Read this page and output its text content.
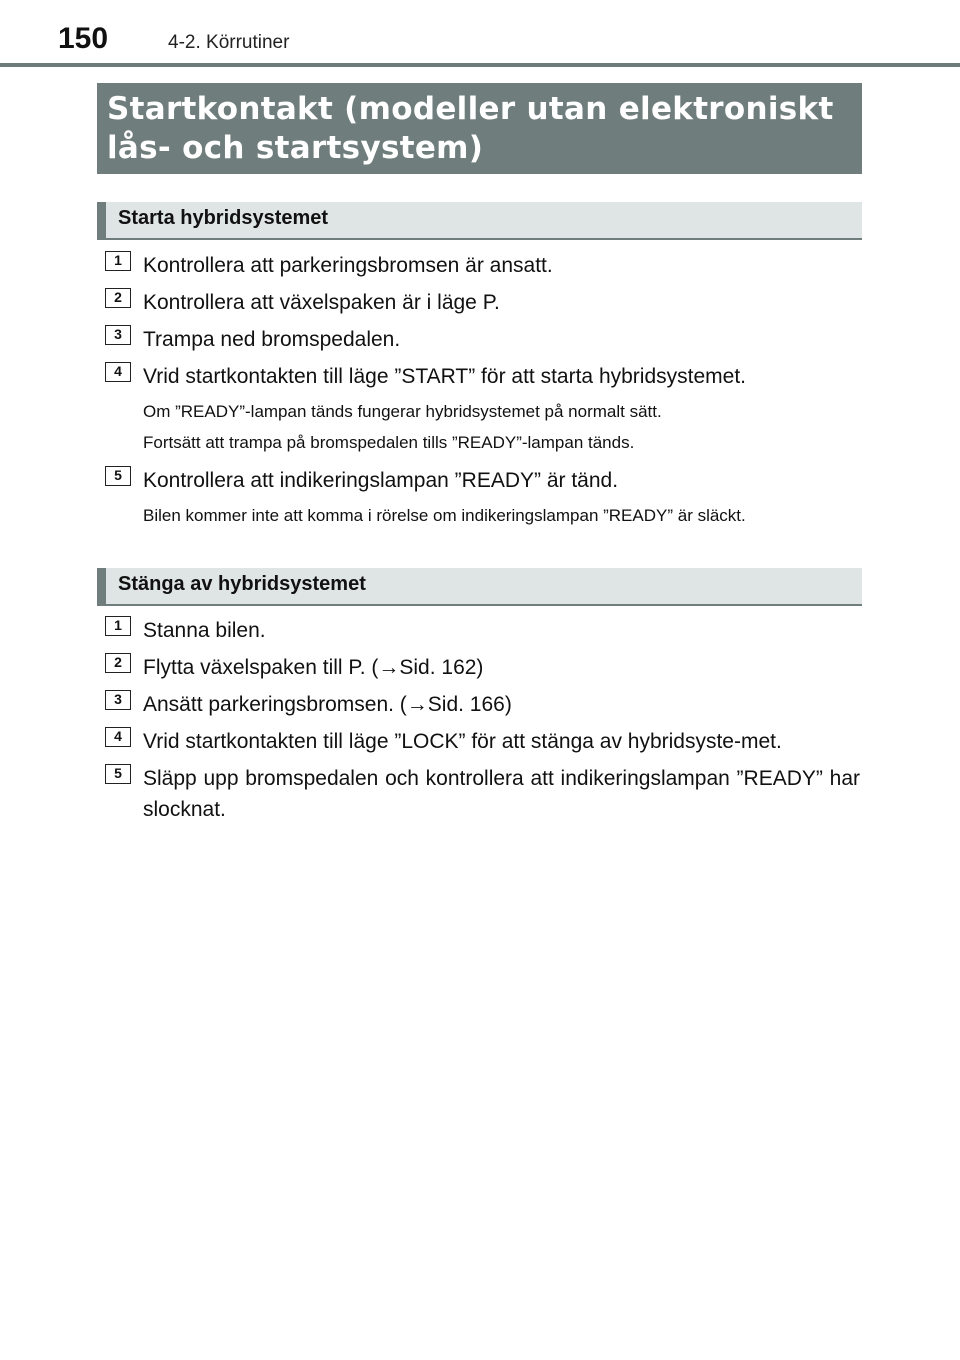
150	4-2. Körrutiner
Startkontakt (modeller utan elektroniskt
lås- och startsystem)
Starta hybridsystemet
1	Kontrollera att parkeringsbromsen är ansatt.
2	Kontrollera att växelspaken är i läge P.
3	Trampa ned bromspedalen.
4	Vrid startkontakten till läge ”START” för att starta hybridsystemet.
Om ”READY”-lampan tänds fungerar hybridsystemet på normalt sätt.
Fortsätt att trampa på bromspedalen tills ”READY”-lampan tänds.
5	Kontrollera att indikeringslampan ”READY” är tänd.
Bilen kommer inte att komma i rörelse om indikeringslampan ”READY” är släckt.
Stänga av hybridsystemet
1	Stanna bilen.
2	Flytta växelspaken till P. (→Sid. 162)
3	Ansätt parkeringsbromsen. (→Sid. 166)
4	Vrid startkontakten till läge ”LOCK” för att stänga av hybridsyste-met.
5	Släpp upp bromspedalen och kontrollera att indikeringslampan ”READY” har slocknat.
